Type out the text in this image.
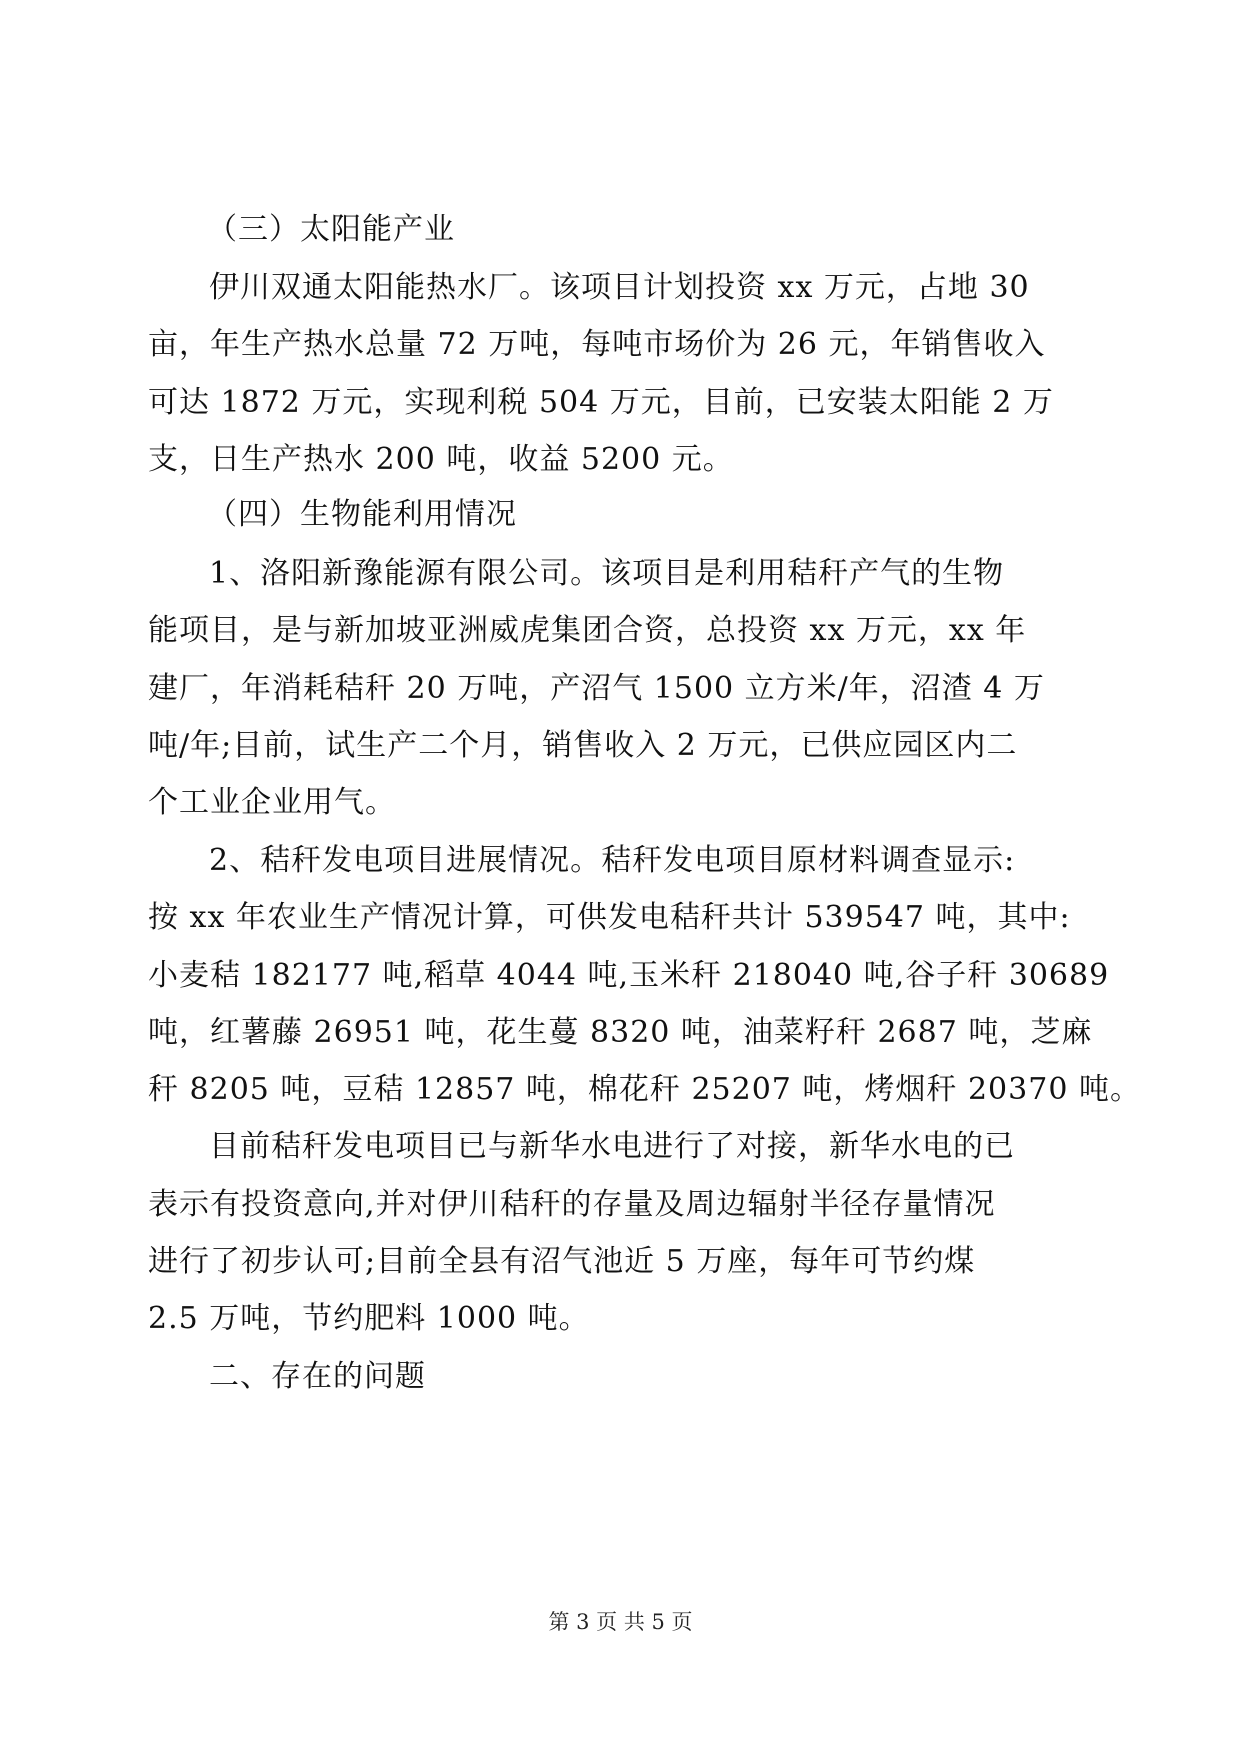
（三）太阳能产业
伊川双通太阳能热水厂。该项目计划投资 xx 万元，占地 30
亩，年生产热水总量 72 万吨，每吨市场价为 26 元，年销售收入
可达 1872 万元，实现利税 504 万元，目前，已安装太阳能 2 万
支，日生产热水 200 吨，收益 5200 元。
（四）生物能利用情况
1、洛阳新豫能源有限公司。该项目是利用秸秆产气的生物
能项目，是与新加坡亚洲威虎集团合资，总投资 xx 万元，xx 年
建厂，年消耗秸秆 20 万吨，产沼气 1500 立方米/年，沼渣 4 万
吨/年;目前，试生产二个月，销售收入 2 万元，已供应园区内二
个工业企业用气。
2、秸秆发电项目进展情况。秸秆发电项目原材料调查显示:
按 xx 年农业生产情况计算，可供发电秸秆共计 539547 吨，其中:
小麦秸 182177 吨,稻草 4044 吨,玉米秆 218040 吨,谷子秆 30689
吨，红薯藤 26951 吨，花生蔓 8320 吨，油菜籽秆 2687 吨，芝麻
秆 8205 吨，豆秸 12857 吨，棉花秆 25207 吨，烤烟秆 20370 吨。
目前秸秆发电项目已与新华水电进行了对接，新华水电的已
表示有投资意向,并对伊川秸秆的存量及周边辐射半径存量情况
进行了初步认可;目前全县有沼气池近 5 万座，每年可节约煤
2.5 万吨，节约肥料 1000 吨。
二、存在的问题
第 3 页 共 5 页
